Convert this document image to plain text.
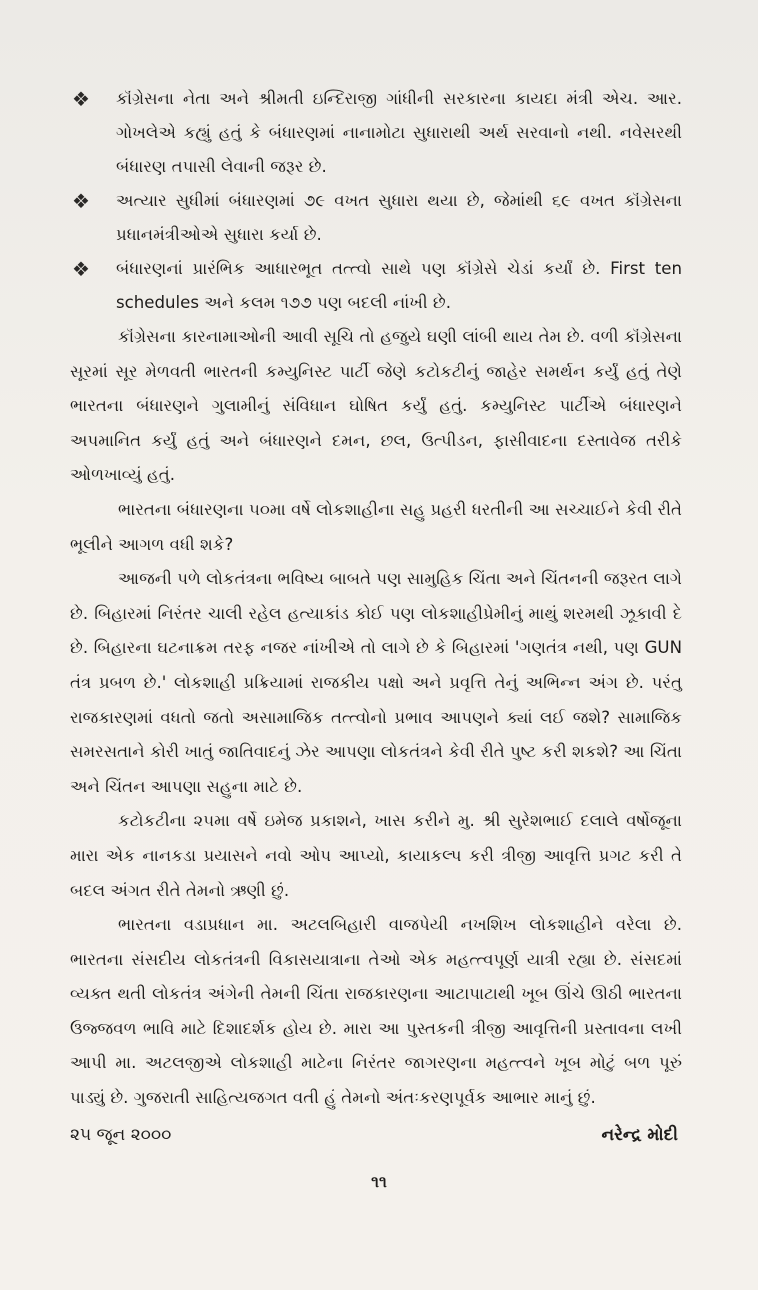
❖ કૉંગ્રેસના નેતા અને શ્રીમતી ઇન્દિરાજી ગાંધીની સરકારના કાયદા મંત્રી એચ. આર. ગોખલેએ કહ્યું હતું કે બંધારણમાં નાનામોટા સુધારાથી અર્થ સરવાનો નથી. નવેસરથી બંધારણ તપાસી લેવાની જરૂર છે.
❖ અત્યાર સુધીમાં બંધારણમાં ૭૯ વખત સુધારા થયા છે, જેમાંથી ૬૯ વખત કૉંગ્રેસના પ્રધાનમંત્રીઓએ સુધારા કર્યા છે.
❖ બંધારણનાં પ્રારંભિક આધારભૂત તત્ત્વો સાથે પણ કૉંગ્રેસે ચેડાં કર્યાં છે. First ten schedules અને કલમ ૧૭૭ પણ બદલી નાંખી છે.

કૉંગ્રેસના કારનામાઓની આવી સૂચિ તો હજુયે ઘણી લાંબી થાય તેમ છે. વળી કૉંગ્રેસના સૂરમાં સૂર મેળવતી ભારતની કમ્યુનિસ્ટ પાર્ટી જેણે કટોકટીનું જાહેર સમર્થન કર્યું હતું તેણે ભારતના બંધારણને ગુલામીનું સંવિધાન ઘોષિત કર્યું હતું. કમ્યુનિસ્ટ પાર્ટીએ બંધારણને અપમાનિત કર્યું હતું અને બંધારણને દમન, છલ, ઉત્પીડન, ફાસીવાદના દસ્તાવેજ તરીકે ઓળખાવ્યું હતું.

ભારતના બંધારણના ૫૦મા વર્ષે લોકશાહીના સહુ પ્રહરી ધરતીની આ સચ્ચાઈને કેવી રીતે ભૂલીને આગળ વધી શકે?

આજની પળે લોકતંત્રના ભવિષ્ય બાબતે પણ સામુહિક ચિંતા અને ચિંતનની જરૂરત લાગે છે. બિહારમાં નિરંતર ચાલી રહેલ હત્યાકાંડ કોઈ પણ લોકશાહીપ્રેમીનું માથું શરમથી ઝૂકાવી દે છે. બિહારના ઘટનાક્રમ તરફ નજર નાંખીએ તો લાગે છે કે બિહારમાં 'ગણતંત્ર નથી, પણ GUN તંત્ર પ્રબળ છે.' લોકશાહી પ્રક્રિયામાં રાજકીય પક્ષો અને પ્રવૃત્તિ તેનું અભિન્ન અંગ છે. પરંતુ રાજકારણમાં વધતો જતો અસામાજિક તત્ત્વોનો પ્રભાવ આપણને ક્યાં લઈ જશે? સામાજિક સમરસતાને કોરી ખાતું જાતિવાદનું ઝેર આપણા લોકતંત્રને કેવી રીતે પુષ્ટ કરી શકશે? આ ચિંતા અને ચિંતન આપણા સહુના માટે છે.

કટોકટીના ૨૫મા વર્ષે ઇમેજ પ્રકાશને, ખાસ કરીને મુ. શ્રી સુરેશભાઈ દલાલે વર્ષોજૂના મારા એક નાનકડા પ્રયાસને નવો ઓપ આપ્યો, કાયાકલ્પ કરી ત્રીજી આવૃત્તિ પ્રગટ કરી તે બદલ અંગત રીતે તેમનો ઋણી છું.

ભારતના વડાપ્રધાન મા. અટલબિહારી વાજપેયી નખશિખ લોકશાહીને વરેલા છે. ભારતના સંસદીય લોકતંત્રની વિકાસયાત્રાના તેઓ એક મહત્ત્વપૂર્ણ યાત્રી રહ્યા છે. સંસદમાં વ્યક્ત થતી લોકતંત્ર અંગેની તેમની ચિંતા રાજકારણના આટાપાટાથી ખૂબ ઊંચે ઊઠી ભારતના ઉજ્જવળ ભાવિ માટે દિશાદર્શક હોય છે. મારા આ પુસ્તકની ત્રીજી આવૃત્તિની પ્રસ્તાવના લખી આપી મા. અટલજીએ લોકશાહી માટેના નિરંતર જાગરણના મહત્ત્વને ખૂબ મોટું બળ પૂરું પાડ્યું છે. ગુજરાતી સાહિત્યજગત વતી હું તેમનો અંતઃકરણપૂર્વક આભાર માનું છું.

૨૫ જૂન ૨૦૦૦	નરેન્દ્ર મોદી
૧૧
